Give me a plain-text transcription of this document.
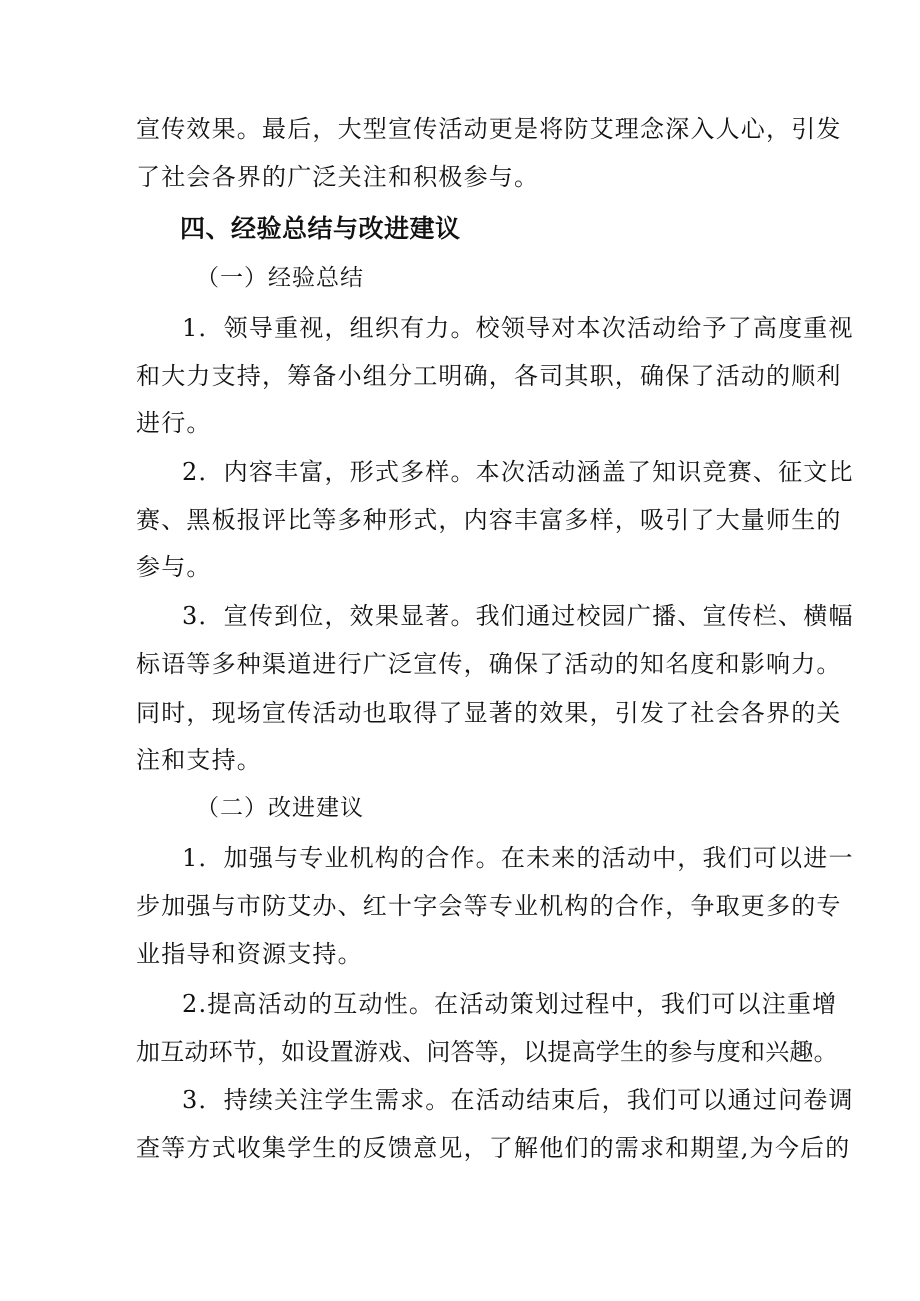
宣传效果。最后，大型宣传活动更是将防艾理念深入人心，引发
了社会各界的广泛关注和积极参与。
四、经验总结与改进建议
（一）经验总结
1．领导重视，组织有力。校领导对本次活动给予了高度重视
和大力支持，筹备小组分工明确，各司其职，确保了活动的顺利
进行。
2．内容丰富，形式多样。本次活动涵盖了知识竞赛、征文比
赛、黑板报评比等多种形式，内容丰富多样，吸引了大量师生的
参与。
3．宣传到位，效果显著。我们通过校园广播、宣传栏、横幅
标语等多种渠道进行广泛宣传，确保了活动的知名度和影响力。
同时，现场宣传活动也取得了显著的效果，引发了社会各界的关
注和支持。
（二）改进建议
1．加强与专业机构的合作。在未来的活动中，我们可以进一
步加强与市防艾办、红十字会等专业机构的合作，争取更多的专
业指导和资源支持。
2.提高活动的互动性。在活动策划过程中，我们可以注重增
加互动环节，如设置游戏、问答等，以提高学生的参与度和兴趣。
3．持续关注学生需求。在活动结束后，我们可以通过问卷调
查等方式收集学生的反馈意见，了解他们的需求和期望,为今后的
